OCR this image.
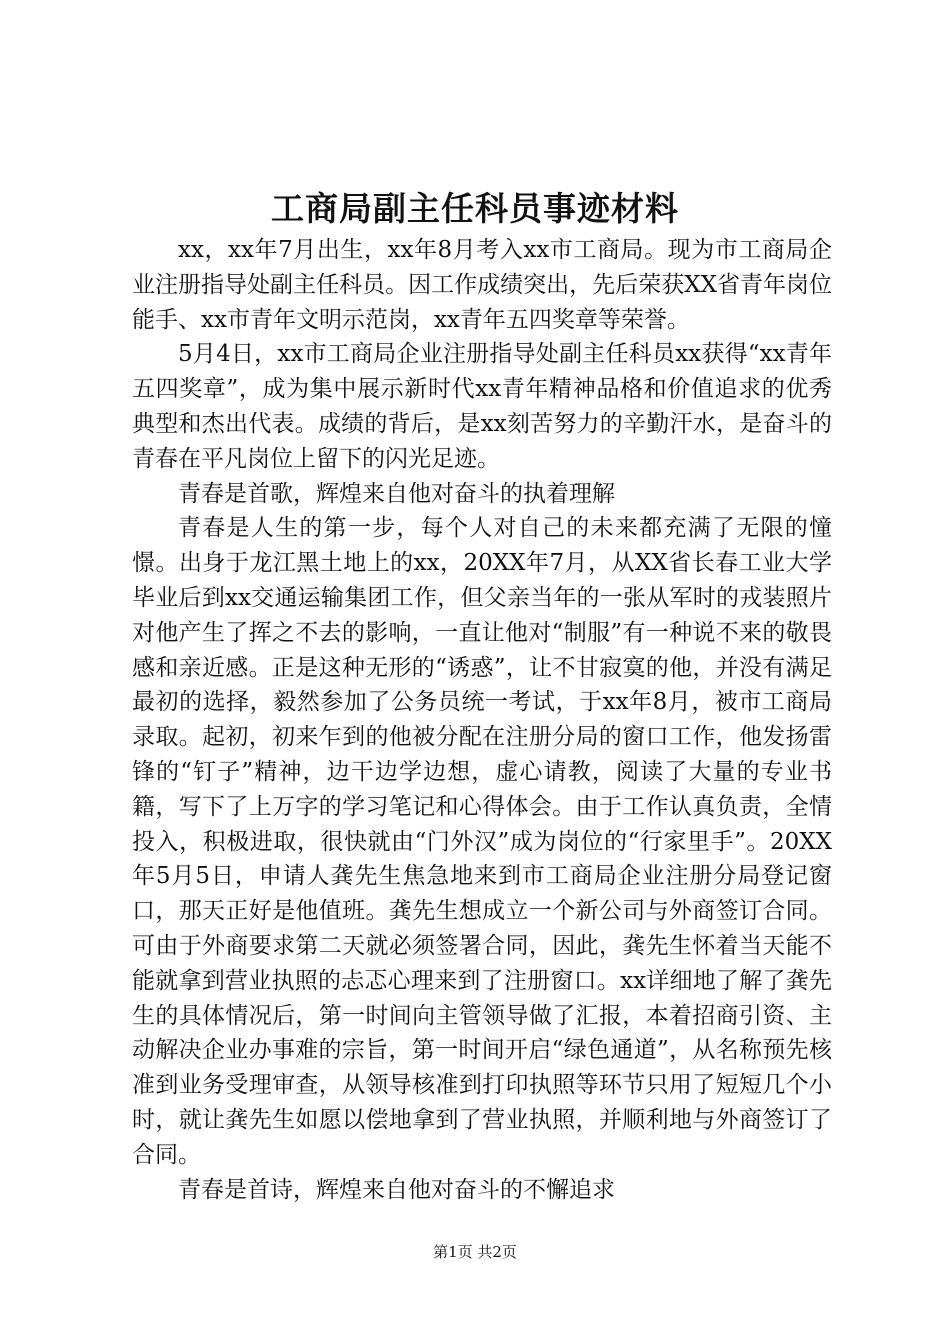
工商局副主任科员事迹材料

xx，xx年7月出生，xx年8月考入xx市工商局。现为市工商局企业注册指导处副主任科员。因工作成绩突出，先后荣获XX省青年岗位能手、xx市青年文明示范岗，xx青年五四奖章等荣誉。

5月4日，xx市工商局企业注册指导处副主任科员xx获得“xx青年五四奖章”，成为集中展示新时代xx青年精神品格和价值追求的优秀典型和杰出代表。成绩的背后，是xx刻苦努力的辛勤汗水，是奋斗的青春在平凡岗位上留下的闪光足迹。

青春是首歌，辉煌来自他对奋斗的执着理解

青春是人生的第一步，每个人对自己的未来都充满了无限的憧憬。出身于龙江黑土地上的xx，20XX年7月，从XX省长春工业大学毕业后到xx交通运输集团工作，但父亲当年的一张从军时的戎装照片对他产生了挥之不去的影响，一直让他对“制服”有一种说不来的敬畏感和亲近感。正是这种无形的“诱惑”，让不甘寂寞的他，并没有满足最初的选择，毅然参加了公务员统一考试，于xx年8月，被市工商局录取。起初，初来乍到的他被分配在注册分局的窗口工作，他发扬雷锋的“钉子”精神，边干边学边想，虚心请教，阅读了大量的专业书籍，写下了上万字的学习笔记和心得体会。由于工作认真负责，全情投入，积极进取，很快就由“门外汉”成为岗位的“行家里手”。20XX年5月5日，申请人龚先生焦急地来到市工商局企业注册分局登记窗口，那天正好是他值班。龚先生想成立一个新公司与外商签订合同。可由于外商要求第二天就必须签署合同，因此，龚先生怀着当天能不能就拿到营业执照的忐忑心理来到了注册窗口。xx详细地了解了龚先生的具体情况后，第一时间向主管领导做了汇报，本着招商引资、主动解决企业办事难的宗旨，第一时间开启“绿色通道”，从名称预先核准到业务受理审查，从领导核准到打印执照等环节只用了短短几个小时，就让龚先生如愿以偿地拿到了营业执照，并顺利地与外商签订了合同。

青春是首诗，辉煌来自他对奋斗的不懈追求

第1页 共2页
